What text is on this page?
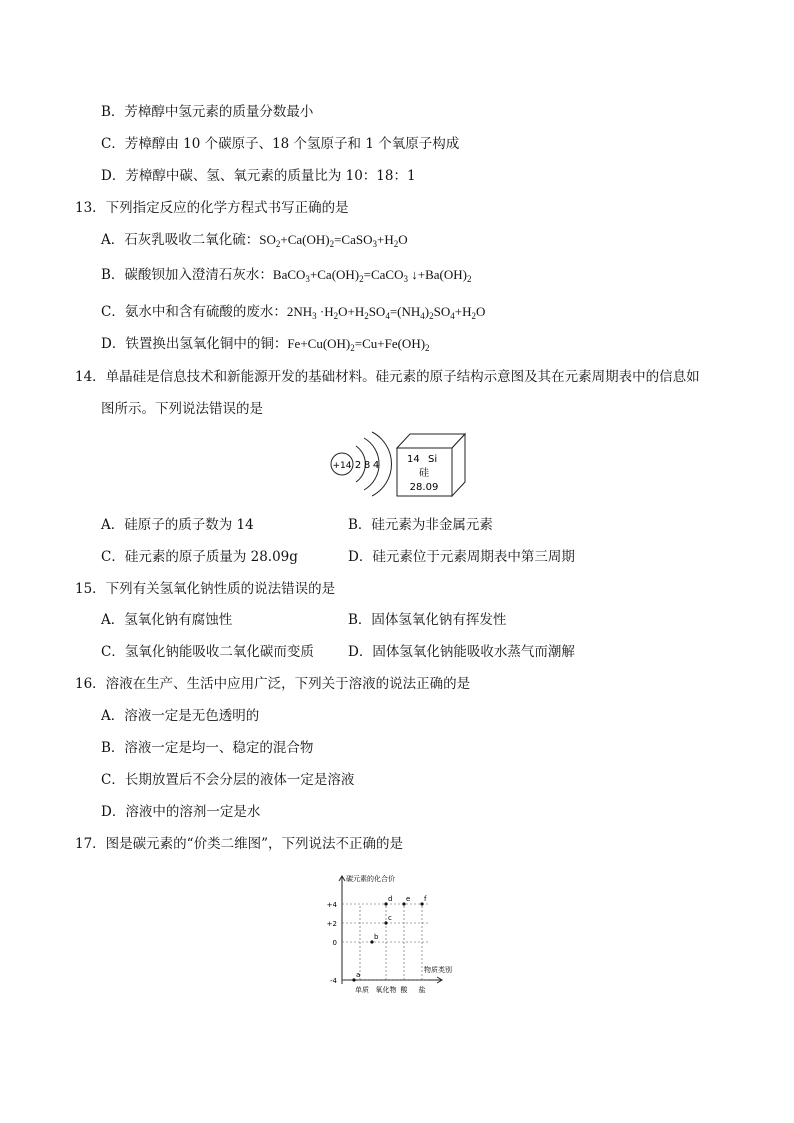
B．芳樟醇中氢元素的质量分数最小
C．芳樟醇由 10 个碳原子、18 个氢原子和 1 个氧原子构成
D．芳樟醇中碳、氢、氧元素的质量比为 10：18：1
13．下列指定反应的化学方程式书写正确的是
A．石灰乳吸收二氧化硫：$SO_2+Ca(OH)_2=CaSO_3+H_2O$
B．碳酸钡加入澄清石灰水：$BaCO_3+Ca(OH)_2=CaCO_3$ $↓+Ba(OH)_2$
C．氨水中和含有硫酸的废水：$2NH_3 \cdot H_2O+H_2SO_4=(NH_4)_2SO_4+H_2O$
D．铁置换出氢氧化铜中的铜：$Fe+Cu(OH)_2=Cu+Fe(OH)_2$
14．单晶硅是信息技术和新能源开发的基础材料。硅元素的原子结构示意图及其在元素周期表中的信息如
图所示。下列说法错误的是
+14 2 8 4
14 Si
硅
28.09
A．硅原子的质子数为 14	B．硅元素为非金属元素
C．硅元素的原子质量为 28.09g	D．硅元素位于元素周期表中第三周期
15．下列有关氢氧化钠性质的说法错误的是
A．氢氧化钠有腐蚀性	B．固体氢氧化钠有挥发性
C．氢氧化钠能吸收二氧化碳而变质	D．固体氢氧化钠能吸收水蒸气而潮解
16．溶液在生产、生活中应用广泛，下列关于溶液的说法正确的是
A．溶液一定是无色透明的
B．溶液一定是均一、稳定的混合物
C．长期放置后不会分层的液体一定是溶液
D．溶液中的溶剂一定是水
17．图是碳元素的“价类二维图”，下列说法不正确的是
碳元素的化合价
物质类别
+4
+2
0
-4
单质 氧化物 酸 盐
a
b
c
d e f
